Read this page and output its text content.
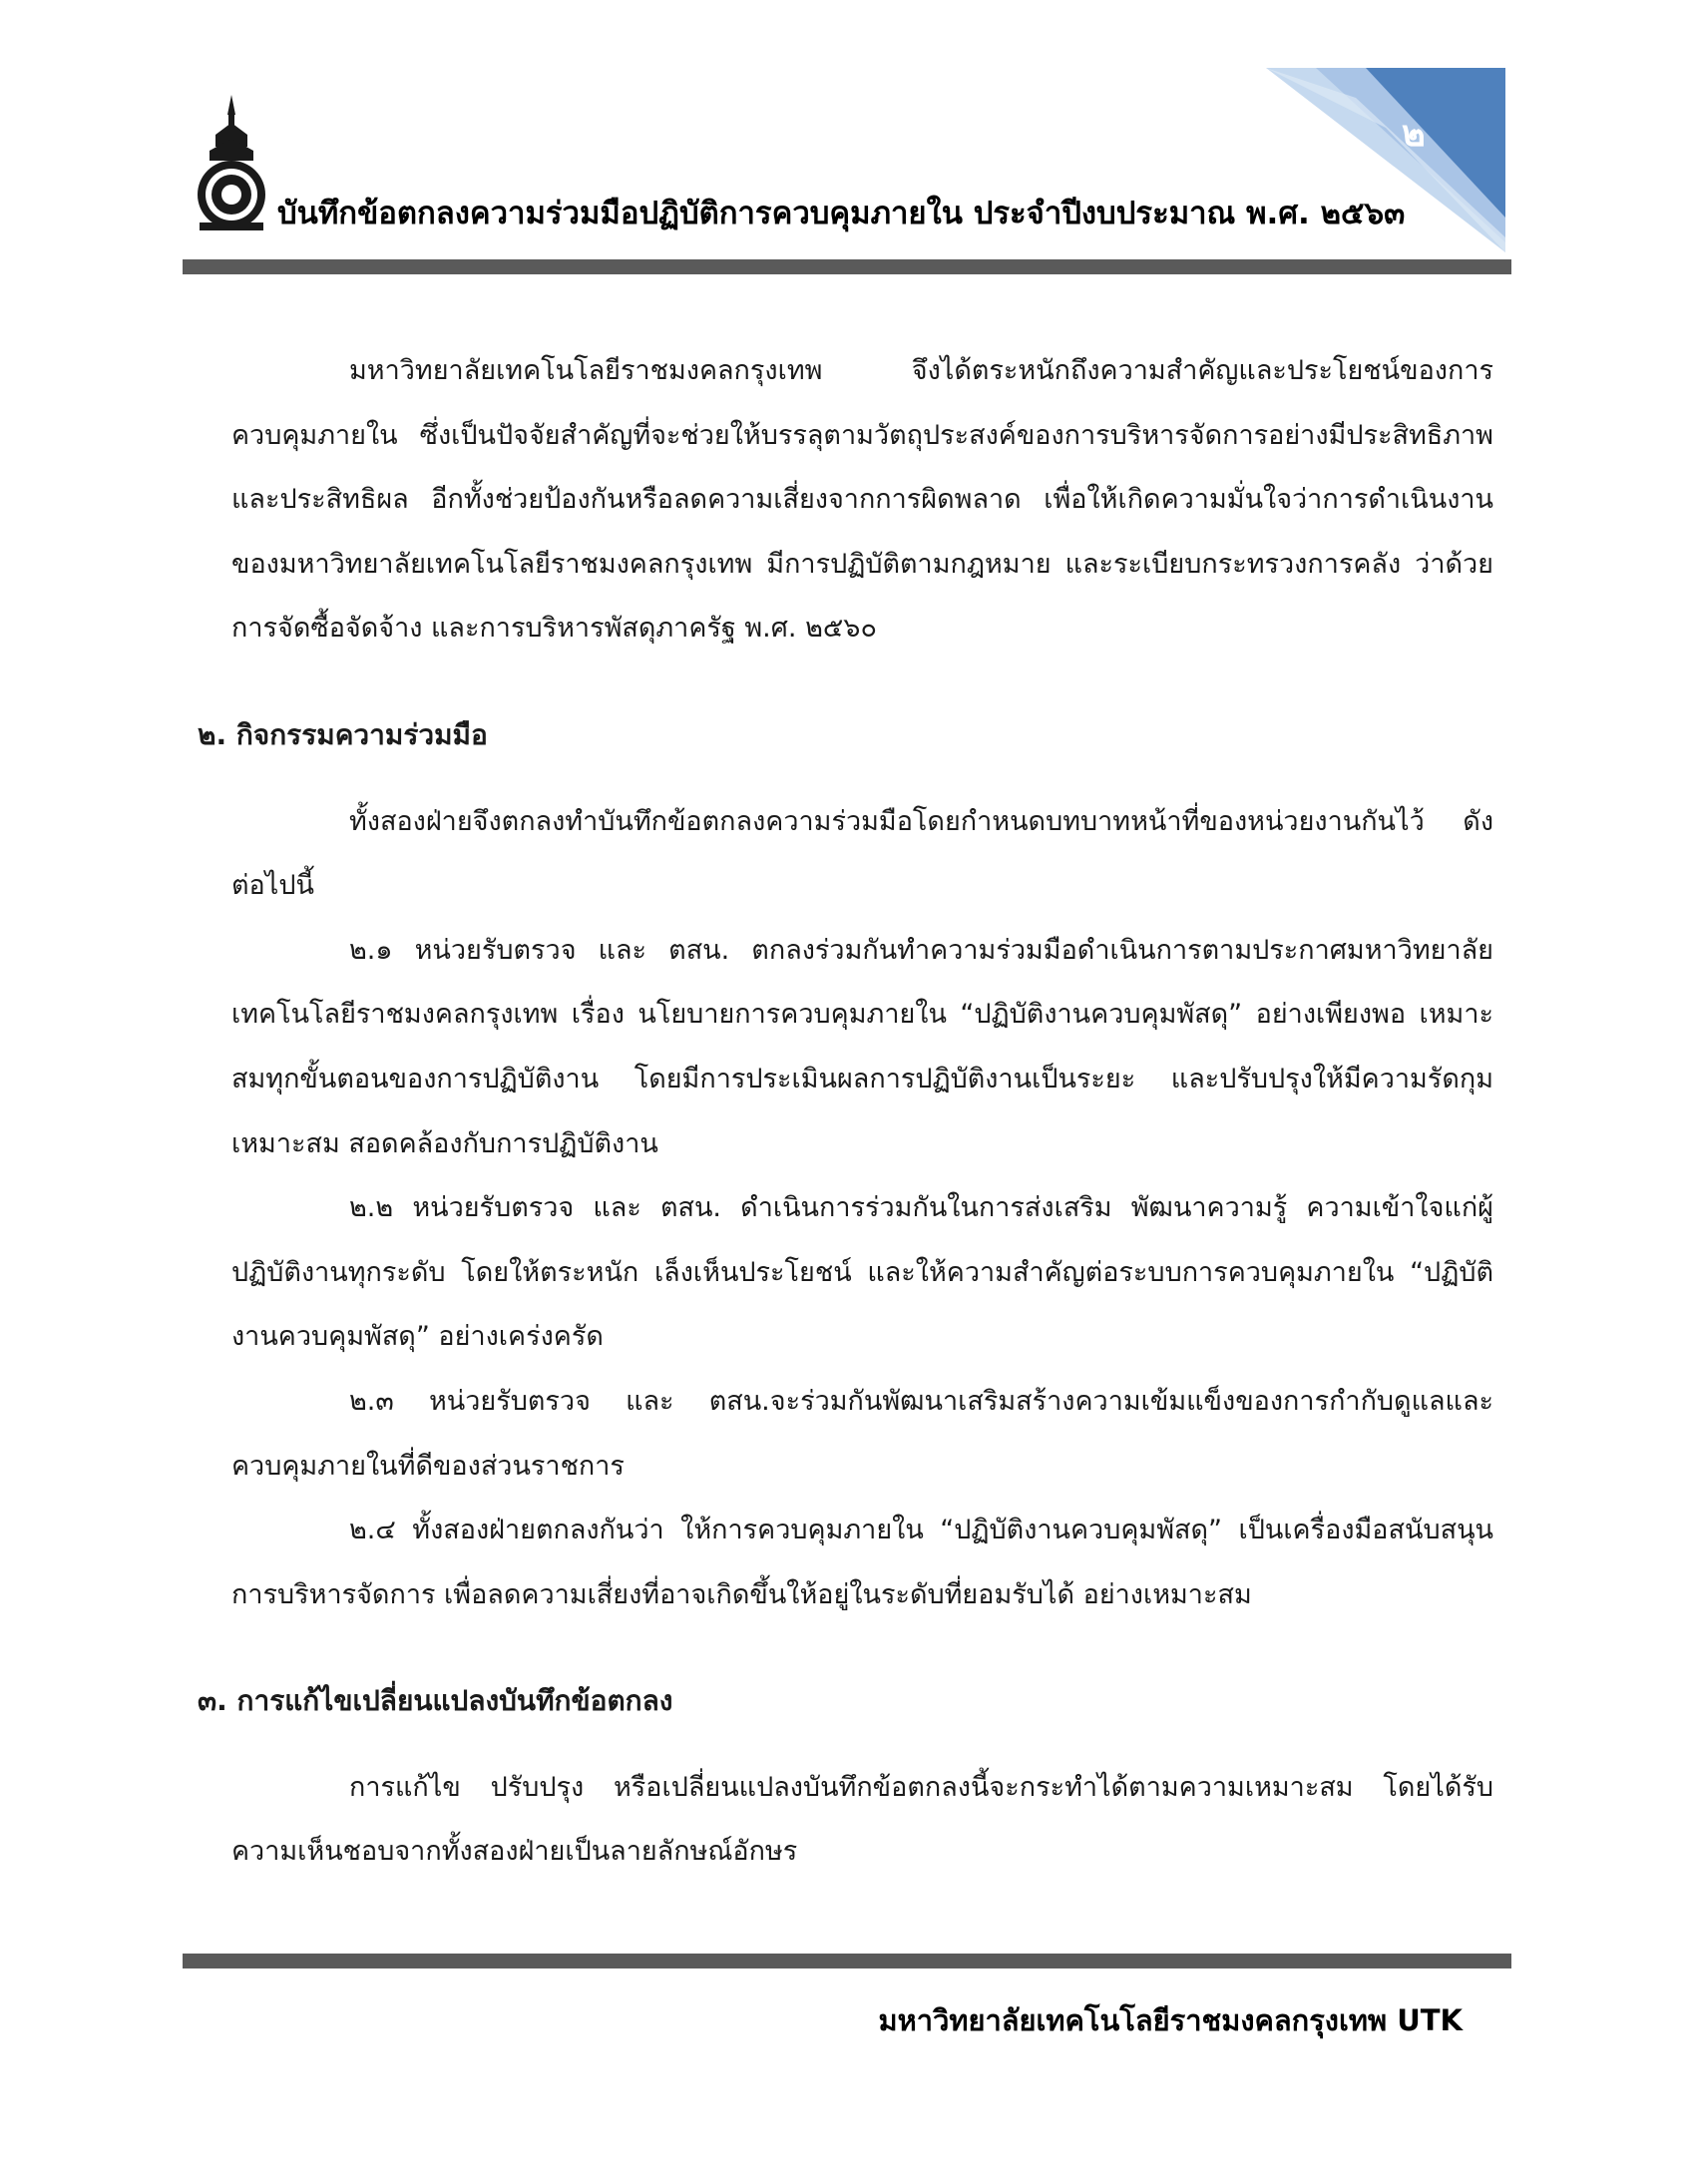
๒
บันทึกข้อตกลงความร่วมมือปฏิบัติการควบคุมภายใน ประจำปีงบประมาณ พ.ศ. ๒๕๖๓

มหาวิทยาลัยเทคโนโลยีราชมงคลกรุงเทพ จึงได้ตระหนักถึงความสำคัญและประโยชน์ของการควบคุมภายใน ซึ่งเป็นปัจจัยสำคัญที่จะช่วยให้บรรลุตามวัตถุประสงค์ของการบริหารจัดการอย่างมีประสิทธิภาพ และประสิทธิผล อีกทั้งช่วยป้องกันหรือลดความเสี่ยงจากการผิดพลาด เพื่อให้เกิดความมั่นใจว่าการดำเนินงานของมหาวิทยาลัยเทคโนโลยีราชมงคลกรุงเทพ มีการปฏิบัติตามกฎหมาย และระเบียบกระทรวงการคลัง ว่าด้วยการจัดซื้อจัดจ้าง และการบริหารพัสดุภาครัฐ พ.ศ. ๒๕๖๐

๒. กิจกรรมความร่วมมือ

ทั้งสองฝ่ายจึงตกลงทำบันทึกข้อตกลงความร่วมมือโดยกำหนดบทบาทหน้าที่ของหน่วยงานกันไว้ ดังต่อไปนี้

๒.๑ หน่วยรับตรวจ และ ตสน. ตกลงร่วมกันทำความร่วมมือดำเนินการตามประกาศมหาวิทยาลัยเทคโนโลยีราชมงคลกรุงเทพ เรื่อง นโยบายการควบคุมภายใน “ปฏิบัติงานควบคุมพัสดุ” อย่างเพียงพอ เหมาะสมทุกขั้นตอนของการปฏิบัติงาน โดยมีการประเมินผลการปฏิบัติงานเป็นระยะ และปรับปรุงให้มีความรัดกุม เหมาะสม สอดคล้องกับการปฏิบัติงาน

๒.๒ หน่วยรับตรวจ และ ตสน. ดำเนินการร่วมกันในการส่งเสริม พัฒนาความรู้ ความเข้าใจแก่ผู้ปฏิบัติงานทุกระดับ โดยให้ตระหนัก เล็งเห็นประโยชน์ และให้ความสำคัญต่อระบบการควบคุมภายใน “ปฏิบัติงานควบคุมพัสดุ” อย่างเคร่งครัด

๒.๓ หน่วยรับตรวจ และ ตสน.จะร่วมกันพัฒนาเสริมสร้างความเข้มแข็งของการกำกับดูแลและควบคุมภายในที่ดีของส่วนราชการ

๒.๔ ทั้งสองฝ่ายตกลงกันว่า ให้การควบคุมภายใน “ปฏิบัติงานควบคุมพัสดุ” เป็นเครื่องมือสนับสนุนการบริหารจัดการ เพื่อลดความเสี่ยงที่อาจเกิดขึ้นให้อยู่ในระดับที่ยอมรับได้ อย่างเหมาะสม

๓. การแก้ไขเปลี่ยนแปลงบันทึกข้อตกลง

การแก้ไข ปรับปรุง หรือเปลี่ยนแปลงบันทึกข้อตกลงนี้จะกระทำได้ตามความเหมาะสม โดยได้รับความเห็นชอบจากทั้งสองฝ่ายเป็นลายลักษณ์อักษร

มหาวิทยาลัยเทคโนโลยีราชมงคลกรุงเทพ UTK
